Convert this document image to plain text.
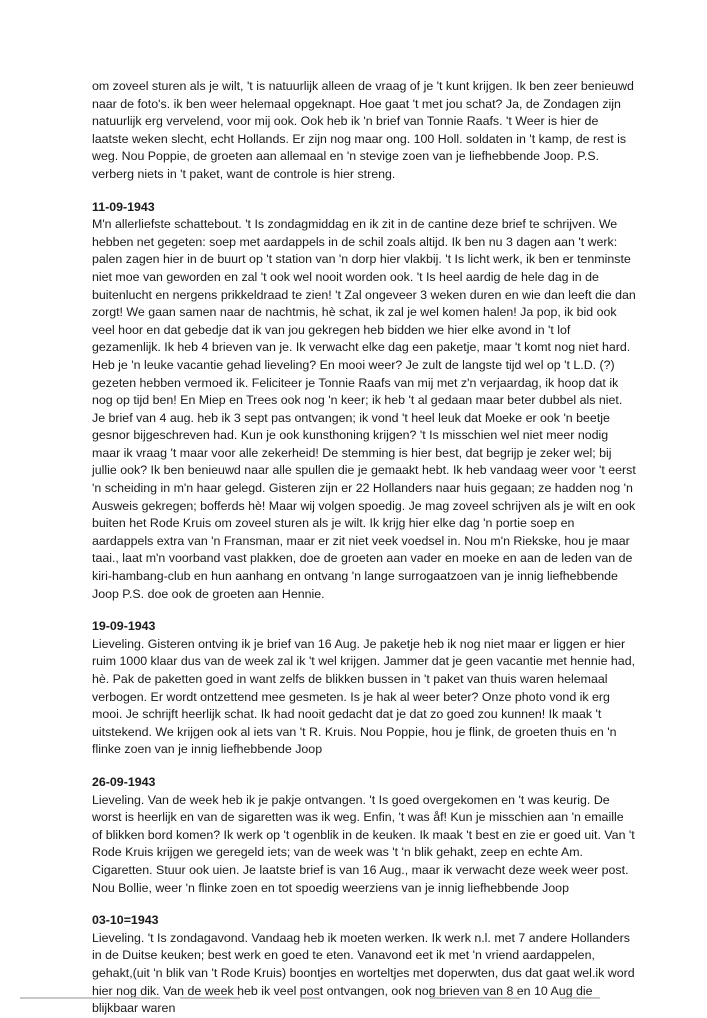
om zoveel sturen als je wilt, 't is natuurlijk alleen de vraag of je 't kunt krijgen. Ik ben zeer benieuwd naar de foto's. ik ben weer helemaal opgeknapt. Hoe gaat 't met jou schat? Ja, de Zondagen zijn natuurlijk erg vervelend, voor mij ook. Ook heb ik 'n brief van Tonnie Raafs. 't Weer is hier de laatste weken slecht, echt Hollands. Er zijn nog maar ong. 100 Holl. soldaten in 't kamp, de rest is weg. Nou Poppie, de groeten aan allemaal en 'n stevige zoen van je liefhebbende Joop. P.S. verberg niets in 't paket, want de controle is hier streng.

11-09-1943

M'n allerliefste schattebout. 't Is zondagmiddag en ik zit in de cantine deze brief te schrijven. We hebben net gegeten: soep met aardappels in de schil zoals altijd. Ik ben nu 3 dagen aan 't werk: palen zagen hier in de buurt op 't station van 'n dorp hier vlakbij. 't Is licht werk, ik ben er tenminste niet moe van geworden en zal 't ook wel nooit worden ook. 't Is heel aardig de hele dag in de buitenlucht en nergens prikkeldraad te zien! 't Zal ongeveer 3 weken duren en wie dan leeft die dan zorgt! We gaan samen naar de nachtmis, hè schat, ik zal je wel komen halen! Ja pop, ik bid ook veel hoor en dat gebedje dat ik van jou gekregen heb bidden we hier elke avond in 't lof gezamenlijk. Ik heb 4 brieven van je. Ik verwacht elke dag een paketje, maar 't komt nog niet hard. Heb je 'n leuke vacantie gehad lieveling? En mooi weer? Je zult de langste tijd wel op 't L.D. (?) gezeten hebben vermoed ik. Feliciteer je Tonnie Raafs van mij met z'n verjaardag, ik hoop dat ik nog op tijd ben! En Miep en Trees ook nog 'n keer; ik heb 't al gedaan maar beter dubbel als niet. Je brief van 4 aug. heb ik 3 sept pas ontvangen; ik vond 't heel leuk dat Moeke er ook 'n beetje gesnor bijgeschreven had. Kun je ook kunsthoning krijgen? 't Is misschien wel niet meer nodig maar ik vraag 't maar voor alle zekerheid! De stemming is hier best, dat begrijp je zeker wel; bij jullie ook? Ik ben benieuwd naar alle spullen die je gemaakt hebt. Ik heb vandaag weer voor 't eerst 'n scheiding in m'n haar gelegd. Gisteren zijn er 22 Hollanders naar huis gegaan; ze hadden nog 'n Ausweis gekregen; bofferds hè! Maar wij volgen spoedig. Je mag zoveel schrijven als je wilt en ook buiten het Rode Kruis om zoveel sturen als je wilt. Ik krijg hier elke dag 'n portie soep en aardappels extra van 'n Fransman, maar er zit niet veek voedsel in. Nou m'n Riekske, hou je maar taai., laat m'n voorband vast plakken, doe de groeten aan vader en moeke en aan de leden van de kiri-hambang-club en hun aanhang en ontvang 'n lange surrogaatzoen van je innig liefhebbende Joop P.S. doe ook de groeten aan Hennie.

19-09-1943

Lieveling. Gisteren ontving ik je brief van 16 Aug. Je paketje heb ik nog niet maar er liggen er hier ruim 1000 klaar dus van de week zal ik 't wel krijgen. Jammer dat je geen vacantie met hennie had, hè. Pak de paketten goed in want zelfs de blikken bussen in 't paket van thuis waren helemaal verbogen. Er wordt ontzettend mee gesmeten. Is je hak al weer beter? Onze photo vond ik erg mooi. Je schrijft heerlijk schat. Ik had nooit gedacht dat je dat zo goed zou kunnen! Ik maak 't uitstekend. We krijgen ook al iets van 't R. Kruis. Nou Poppie, hou je flink, de groeten thuis en 'n flinke zoen van je innig liefhebbende Joop

26-09-1943

Lieveling. Van de week heb ik je pakje ontvangen. 't Is goed overgekomen en 't was keurig. De worst is heerlijk en van de sigaretten was ik weg. Enfin, 't was åf! Kun je misschien aan 'n emaille of blikken bord komen? Ik werk op 't ogenblik in de keuken. Ik maak 't best en zie er goed uit. Van 't Rode Kruis krijgen we geregeld iets; van de week was 't 'n blik gehakt, zeep en echte Am. Cigaretten. Stuur ook uien. Je laatste brief is van 16 Aug., maar ik verwacht deze week weer post. Nou Bollie, weer 'n flinke zoen en tot spoedig weerziens van je innig liefhebbende Joop

03-10=1943

Lieveling. 't Is zondagavond. Vandaag heb ik moeten werken. Ik werk n.l. met 7 andere Hollanders in de Duitse keuken; best werk en goed te eten. Vanavond eet ik met 'n vriend aardappelen, gehakt,(uit 'n blik van 't Rode Kruis) boontjes en worteltjes met doperwten, dus dat gaat wel.ik word hier nog dik. Van de week heb ik veel post ontvangen, ook nog brieven van 8 en 10 Aug die blijkbaar waren
